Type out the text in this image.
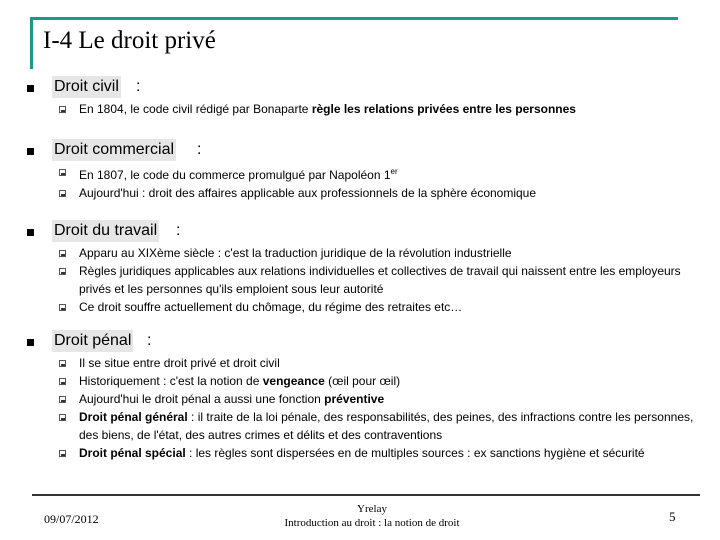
I-4 Le droit privé
Droit civil :
En 1804, le code civil rédigé par Bonaparte règle les relations privées entre les personnes
Droit commercial :
En 1807, le code du commerce promulgué par Napoléon 1er
Aujourd'hui : droit des affaires applicable aux professionnels de la sphère économique
Droit du travail :
Apparu au XIXème siècle : c'est la traduction juridique de la révolution industrielle
Règles juridiques applicables aux relations individuelles et collectives de travail qui naissent entre les employeurs privés et les personnes qu'ils emploient sous leur autorité
Ce droit souffre actuellement du chômage, du régime des retraites etc…
Droit pénal :
Il se situe entre droit privé et droit civil
Historiquement : c'est la notion de vengeance (œil pour œil)
Aujourd'hui le droit pénal a aussi une fonction préventive
Droit pénal général : il traite de la loi pénale, des responsabilités, des peines, des infractions contre les personnes, des biens, de l'état, des autres crimes et délits et des contraventions
Droit pénal spécial : les règles sont dispersées en de multiples sources : ex sanctions hygiène et sécurité
09/07/2012
Yrelay
Introduction au droit : la notion de droit	5
